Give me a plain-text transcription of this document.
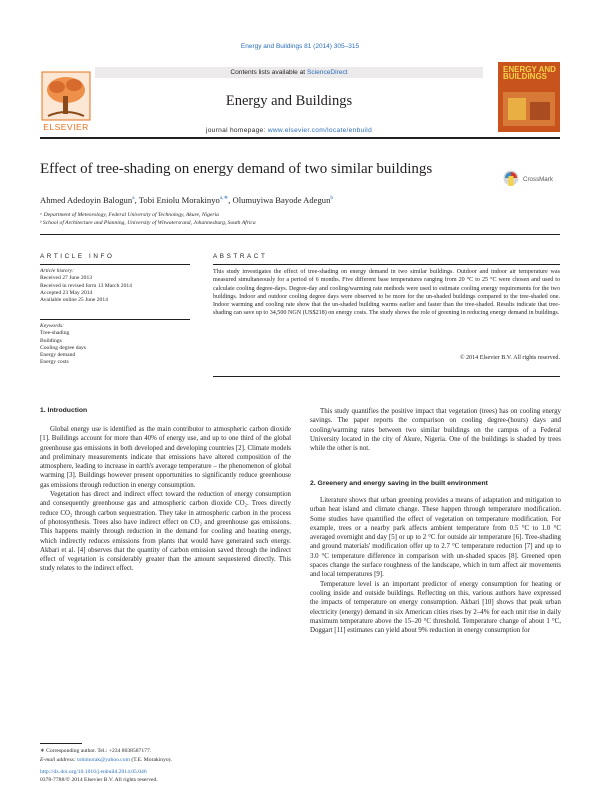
Energy and Buildings 81 (2014) 305–315
Contents lists available at ScienceDirect
Energy and Buildings
journal homepage: www.elsevier.com/locate/enbuild
ELSEVIER
ENERGY AND BUILDINGS
Effect of tree-shading on energy demand of two similar buildings
CrossMark
Ahmed Adedoyin Balogun$^a$, Tobi Eniolu Morakinyo$^{a,∗}$, Olumuyiwa Bayode Adegun$^b$
ᵃ Department of Meteorology, Federal University of Technology, Akure, Nigeria
ᵇ School of Architecture and Planning, University of Witwatersrand, Johannesburg, South Africa
ARTICLE INFO
Article history:
Received 27 June 2013
Received in revised form 13 March 2014
Accepted 23 May 2014
Available online 25 June 2014
Keywords:
Tree-shading
Buildings
Cooling degree days
Energy demand
Energy costs
ABSTRACT
This study investigates the effect of tree-shading on energy demand in two similar buildings. Outdoor and indoor air temperature was measured simultaneously for a period of 6 months. Five different base temperatures ranging from 20 °C to 25 °C were chosen and used to calculate cooling degree-days. Degree-day and cooling/warming rate methods were used to estimate cooling energy requirements for the two buildings. Indoor and outdoor cooling degree days were observed to be more for the un-shaded buildings compared to the tree-shaded one. Indoor warming and cooling rate show that the un-shaded building warms earlier and faster than the tree-shaded. Results indicate that tree-shading can save up to 34,500 NGN (US$218) on energy costs. The study shows the role of greening in reducing energy demand in buildings.
© 2014 Elsevier B.V. All rights reserved.
1. Introduction

Global energy use is identified as the main contributor to atmospheric carbon dioxide [1]. Buildings account for more than 40% of energy use, and up to one third of the global greenhouse gas emissions in both developed and developing countries [2]. Climate models and preliminary measurements indicate that emissions have altered composition of the atmosphere, leading to increase in earth's average temperature – the phenomenon of global warming [3]. Buildings however present opportunities to significantly reduce greenhouse gas emissions through reduction in energy consumption.

Vegetation has direct and indirect effect toward the reduction of energy consumption and consequently greenhouse gas and atmospheric carbon dioxide CO₂. Trees directly reduce CO₂ through carbon sequestration. They take in atmospheric carbon in the process of photosynthesis. Trees also have indirect effect on CO₂ and greenhouse gas emissions. This happens mainly through reduction in the demand for cooling and heating energy, which indirectly reduces emissions from plants that would have generated such energy. Akbari et al. [4] observes that the quantity of carbon emission saved through the indirect effect of vegetation is considerably greater than the amount sequestered directly. This study relates to the indirect effect.

This study quantifies the positive impact that vegetation (trees) has on cooling energy savings. The paper reports the comparison on cooling degree-(hours) days and cooling/warming rates between two similar buildings on the campus of a Federal University located in the city of Akure, Nigeria. One of the buildings is shaded by trees while the other is not.

2. Greenery and energy saving in the built environment

Literature shows that urban greening provides a means of adaptation and mitigation to urban heat island and climate change. These happen through temperature modification. Some studies have quantified the effect of vegetation on temperature modification. For example, trees or a nearby park affects ambient temperature from 0.5 °C to 1.0 °C averaged overnight and day [5] or up to 2 °C for outside air temperature [6]. Tree-shading and ground materials' modification offer up to 2.7 °C temperature reduction [7] and up to 3.0 °C temperature difference in comparison with un-shaded spaces [8]. Greened open spaces change the surface roughness of the landscape, which in turn affect air movements and local temperatures [9].

Temperature level is an important predictor of energy consumption for heating or cooling inside and outside buildings. Reflecting on this, various authors have expressed the impacts of temperature on energy consumption. Akbari [10] shows that peak urban electricity (energy) demand in six American cities rises by 2–4% for each unit rise in daily maximum temperature above the 15–20 °C threshold. Temperature change of about 1 °C, Doggart [11] estimates can yield about 9% reduction in energy consumption for

∗ Corresponding author. Tel.: +234 8038587177.
E-mail address: tobimorak@yahoo.com (T.E. Morakinyo).
http://dx.doi.org/10.1016/j.enbuild.2014.05.046
0378-7788/© 2014 Elsevier B.V. All rights reserved.
